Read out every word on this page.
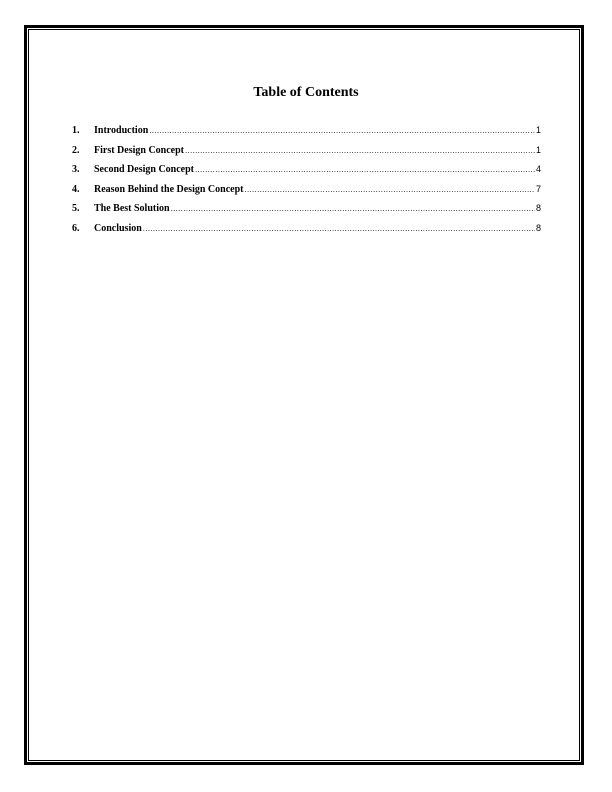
Table of Contents
1.	Introduction .....	1
2.	First Design Concept .....	1
3.	Second Design Concept .....	4
4.	Reason Behind the Design Concept .....	7
5.	The Best Solution .....	8
6.	Conclusion .....	8
